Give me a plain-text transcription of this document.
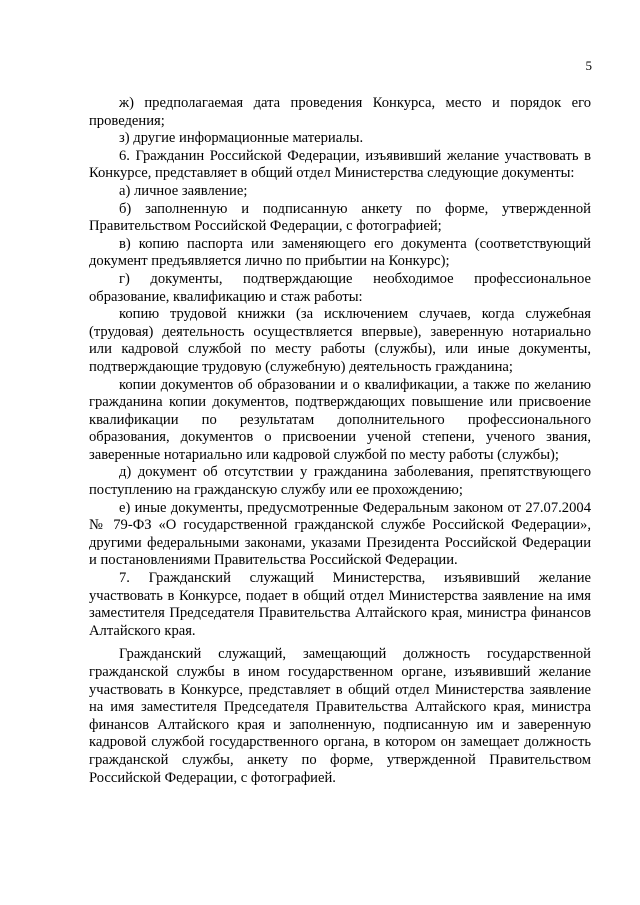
5

ж) предполагаемая дата проведения Конкурса, место и порядок его проведения;

з) другие информационные материалы.

6. Гражданин Российской Федерации, изъявивший желание участвовать в Конкурсе, представляет в общий отдел Министерства следующие документы:

а) личное заявление;

б) заполненную и подписанную анкету по форме, утвержденной Правительством Российской Федерации, с фотографией;

в) копию паспорта или заменяющего его документа (соответствующий документ предъявляется лично по прибытии на Конкурс);

г) документы, подтверждающие необходимое профессиональное образование, квалификацию и стаж работы:

копию трудовой книжки (за исключением случаев, когда служебная (трудовая) деятельность осуществляется впервые), заверенную нотариально или кадровой службой по месту работы (службы), или иные документы, подтверждающие трудовую (служебную) деятельность гражданина;

копии документов об образовании и о квалификации, а также по желанию гражданина копии документов, подтверждающих повышение или присвоение квалификации по результатам дополнительного профессионального образования, документов о присвоении ученой степени, ученого звания, заверенные нотариально или кадровой службой по месту работы (службы);

д) документ об отсутствии у гражданина заболевания, препятствующего поступлению на гражданскую службу или ее прохождению;

е) иные документы, предусмотренные Федеральным законом от 27.07.2004 № 79-ФЗ «О государственной гражданской службе Российской Федерации», другими федеральными законами, указами Президента Российской Федерации и постановлениями Правительства Российской Федерации.

7. Гражданский служащий Министерства, изъявивший желание участвовать в Конкурсе, подает в общий отдел Министерства заявление на имя заместителя Председателя Правительства Алтайского края, министра финансов Алтайского края.

Гражданский служащий, замещающий должность государственной гражданской службы в ином государственном органе, изъявивший желание участвовать в Конкурсе, представляет в общий отдел Министерства заявление на имя заместителя Председателя Правительства Алтайского края, министра финансов Алтайского края и заполненную, подписанную им и заверенную кадровой службой государственного органа, в котором он замещает должность гражданской службы, анкету по форме, утвержденной Правительством Российской Федерации, с фотографией.
